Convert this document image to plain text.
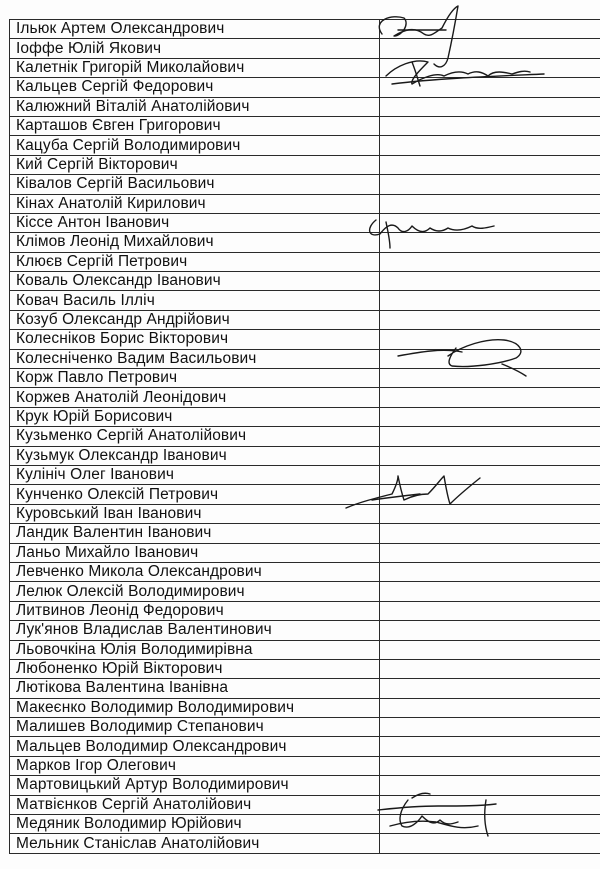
Ільюк Артем Олександрович	
Іоффе Юлій Якович	
Калетнік Григорій Миколайович	
Кальцев Сергій Федорович	
Калюжний Віталій Анатолійович	
Карташов Євген Григорович	
Кацуба Сергій Володимирович	
Кий Сергій Вікторович	
Ківалов Сергій Васильович	
Кінах Анатолій Кирилович	
Кіссе Антон Іванович	
Клімов Леонід Михайлович	
Клюєв Сергій Петрович	
Коваль Олександр Іванович	
Ковач Василь Ілліч	
Козуб Олександр Андрійович	
Колесніков Борис Вікторович	
Колесніченко Вадим Васильович	
Корж Павло Петрович	
Коржев Анатолій Леонідович	
Крук Юрій Борисович	
Кузьменко Сергій Анатолійович	
Кузьмук Олександр Іванович	
Кулініч Олег Іванович	
Кунченко Олексій Петрович	
Куровський Іван Іванович	
Ландик Валентин Іванович	
Ланьо Михайло Іванович	
Левченко Микола Олександрович	
Лелюк Олексій Володимирович	
Литвинов Леонід Федорович	
Лук'янов Владислав Валентинович	
Льовочкіна Юлія Володимирівна	
Любоненко Юрій Вікторович	
Лютікова Валентина Іванівна	
Макеєнко Володимир Володимирович	
Малишев Володимир Степанович	
Мальцев Володимир Олександрович	
Марков Ігор Олегович	
Мартовицький Артур Володимирович	
Матвієнков Сергій Анатолійович	
Медяник Володимир Юрійович	
Мельник Станіслав Анатолійович	
